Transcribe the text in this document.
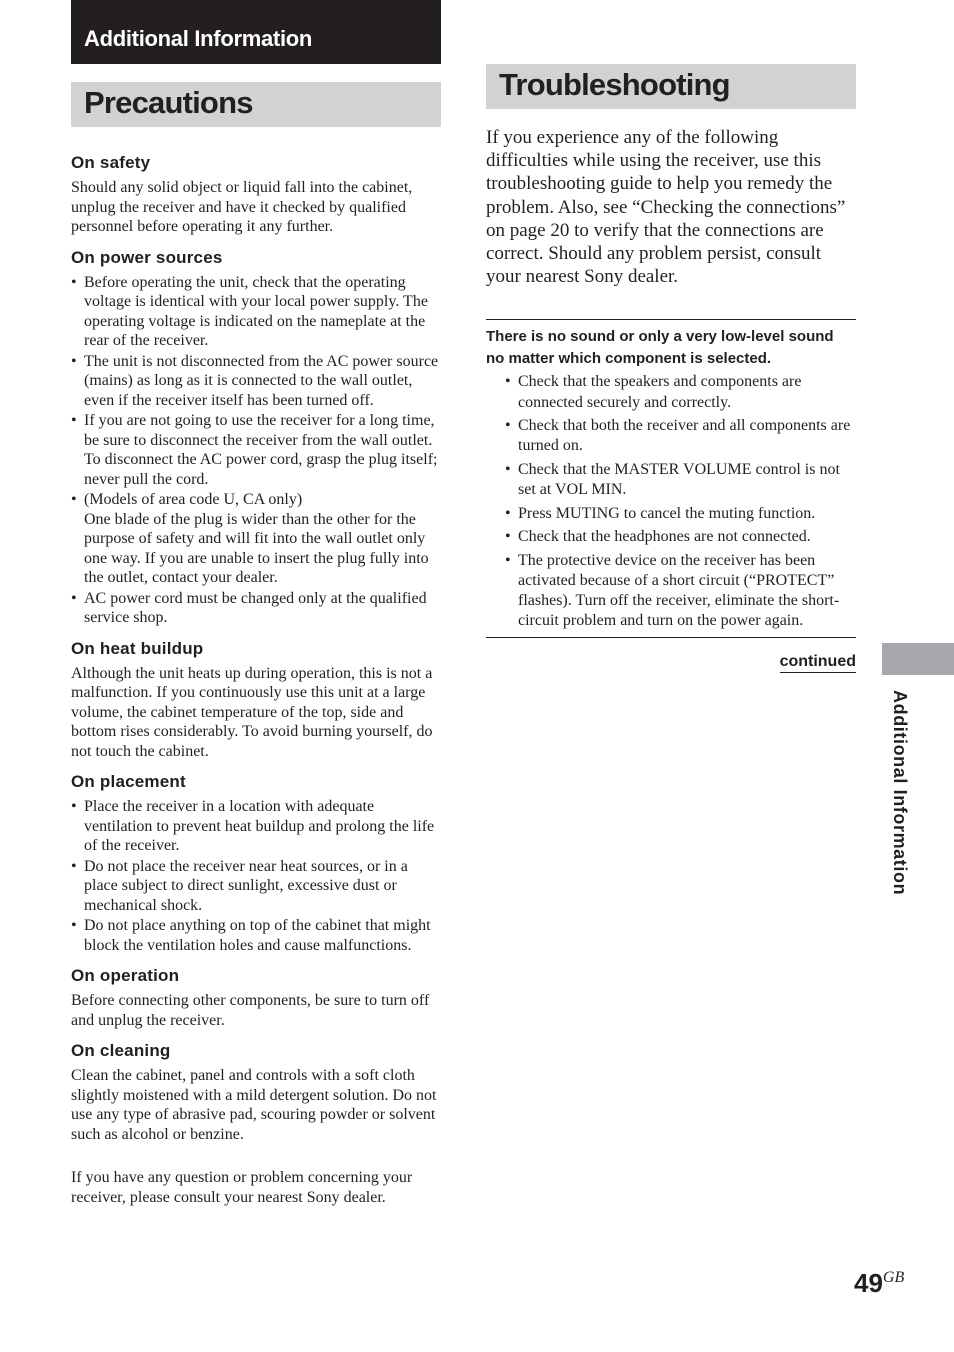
Additional Information
Precautions
On safety

Should any solid object or liquid fall into the cabinet, unplug the receiver and have it checked by qualified personnel before operating it any further.

On power sources
• Before operating the unit, check that the operating voltage is identical with your local power supply. The operating voltage is indicated on the nameplate at the rear of the receiver.
• The unit is not disconnected from the AC power source (mains) as long as it is connected to the wall outlet, even if the receiver itself has been turned off.
• If you are not going to use the receiver for a long time, be sure to disconnect the receiver from the wall outlet. To disconnect the AC power cord, grasp the plug itself; never pull the cord.
• (Models of area code U, CA only)
One blade of the plug is wider than the other for the purpose of safety and will fit into the wall outlet only one way. If you are unable to insert the plug fully into the outlet, contact your dealer.
• AC power cord must be changed only at the qualified service shop.
On heat buildup

Although the unit heats up during operation, this is not a malfunction. If you continuously use this unit at a large volume, the cabinet temperature of the top, side and bottom rises considerably. To avoid burning yourself, do not touch the cabinet.

On placement
• Place the receiver in a location with adequate ventilation to prevent heat buildup and prolong the life of the receiver.
• Do not place the receiver near heat sources, or in a place subject to direct sunlight, excessive dust or mechanical shock.
• Do not place anything on top of the cabinet that might block the ventilation holes and cause malfunctions.
On operation

Before connecting other components, be sure to turn off and unplug the receiver.

On cleaning

Clean the cabinet, panel and controls with a soft cloth slightly moistened with a mild detergent solution. Do not use any type of abrasive pad, scouring powder or solvent such as alcohol or benzine.

If you have any question or problem concerning your receiver, please consult your nearest Sony dealer.

Troubleshooting

If you experience any of the following difficulties while using the receiver, use this troubleshooting guide to help you remedy the problem. Also, see “Checking the connections” on page 20 to verify that the connections are correct. Should any problem persist, consult your nearest Sony dealer.

There is no sound or only a very low-level sound no matter which component is selected.

• Check that the speakers and components are connected securely and correctly.
• Check that both the receiver and all components are turned on.
• Check that the MASTER VOLUME control is not set at VOL MIN.
• Press MUTING to cancel the muting function.
• Check that the headphones are not connected.
• The protective device on the receiver has been activated because of a short circuit (“PROTECT” flashes). Turn off the receiver, eliminate the short-circuit problem and turn on the power again.
continued
Additional Information
$49^{GB}$
